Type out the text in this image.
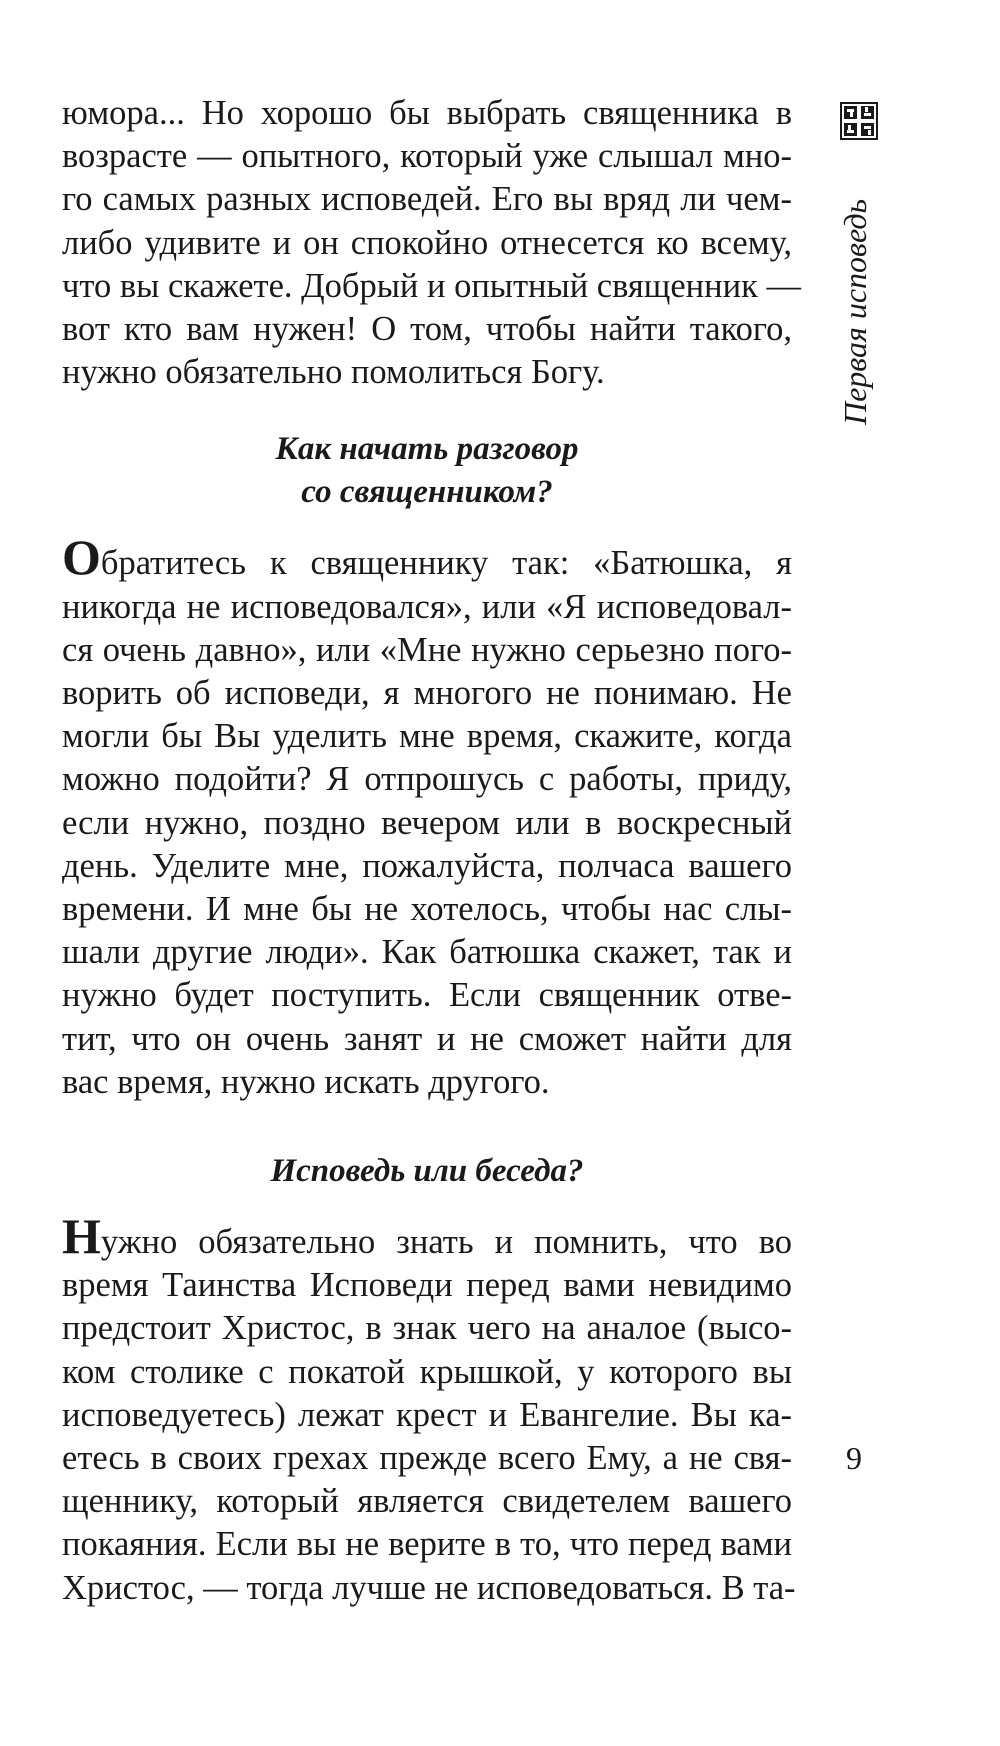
юмора... Но хорошо бы выбрать священника в
возрасте — опытного, который уже слышал мно-
го самых разных исповедей. Его вы вряд ли чем-
либо удивите и он спокойно отнесется ко всему,
что вы скажете. Добрый и опытный священник —
вот кто вам нужен! О том, чтобы найти такого,
нужно обязательно помолиться Богу.
Как начать разговор
со священником?
Обратитесь к священнику так: «Батюшка, я
никогда не исповедовался», или «Я исповедовал-
ся очень давно», или «Мне нужно серьезно пого-
ворить об исповеди, я многого не понимаю. Не
могли бы Вы уделить мне время, скажите, когда
можно подойти? Я отпрошусь с работы, приду,
если нужно, поздно вечером или в воскресный
день. Уделите мне, пожалуйста, полчаса вашего
времени. И мне бы не хотелось, чтобы нас слы-
шали другие люди». Как батюшка скажет, так и
нужно будет поступить. Если священник отве-
тит, что он очень занят и не сможет найти для
вас время, нужно искать другого.
Исповедь или беседа?
Нужно обязательно знать и помнить, что во
время Таинства Исповеди перед вами невидимо
предстоит Христос, в знак чего на аналое (высо-
ком столике с покатой крышкой, у которого вы
исповедуетесь) лежат крест и Евангелие. Вы ка-
етесь в своих грехах прежде всего Ему, а не свя-
щеннику, который является свидетелем вашего
покаяния. Если вы не верите в то, что перед вами
Христос, — тогда лучше не исповедоваться. В та-
Первая исповедь
9
